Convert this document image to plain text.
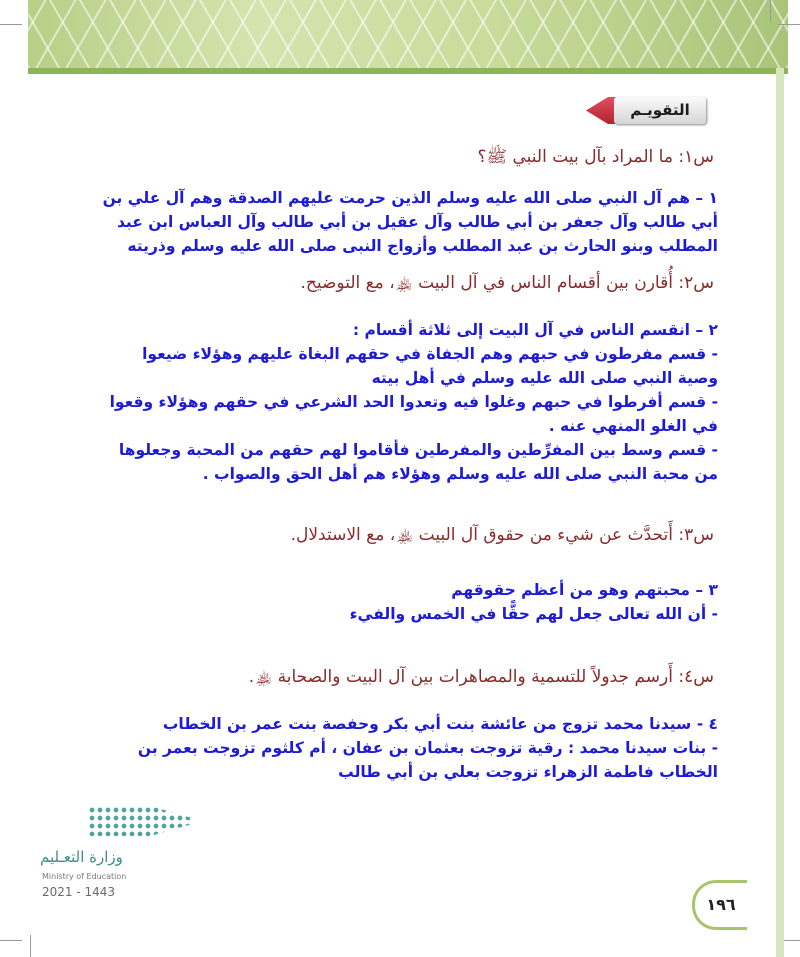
التقويـم
س١: ما المراد بآل بيت النبي ﷺ؟

١ – هم آل النبي صلى الله عليه وسلم الذين حرمت عليهم الصدقة وهم آل علي بن أبي طالب وآل جعفر بن أبي طالب وآل عقيل بن أبي طالب وآل العباس ابن عبد المطلب وبنو الحارث بن عبد المطلب وأزواج النبى صلى الله عليه وسلم وذريته

س٢: أُقارن بين أقسام الناس في آل البيت ﵏، مع التوضيح.

٢ – انقسم الناس في آل البيت إلى ثلاثة أقسام :

- قسم مفرطون في حبهم وهم الجفاة في حقهم البغاة عليهم وهؤلاء ضيعوا وصية النبي صلى الله عليه وسلم في أهل بيته

- قسم أفرطوا في حبهم وغلوا فيه وتعدوا الحد الشرعي في حقهم وهؤلاء وقعوا في الغلو المنهي عنه .

- قسم وسط بين المفرِّطين والمفرطين فأقاموا لهم حقهم من المحبة وجعلوها من محبة النبي صلى الله عليه وسلم وهؤلاء هم أهل الحق والصواب .

س٣: أَتحدَّث عن شيء من حقوق آل البيت ﵏، مع الاستدلال.

٣ – محبتهم وهو من أعظم حقوقهم

- أن الله تعالى جعل لهم حقًّا في الخمس والفيء

س٤: أَرسم جدولاً للتسمية والمصاهرات بين آل البيت والصحابة ﵏.

٤ - سيدنا محمد تزوج من عائشة بنت أبي بكر وحفصة بنت عمر بن الخطاب

- بنات سيدنا محمد : رقية تزوجت بعثمان بن عفان ، أم كلثوم تزوجت بعمر بن الخطاب فاطمة الزهراء تزوجت بعلي بن أبي طالب

وزارة التعـليم
Ministry of Education
2021 - 1443
١٩٦
